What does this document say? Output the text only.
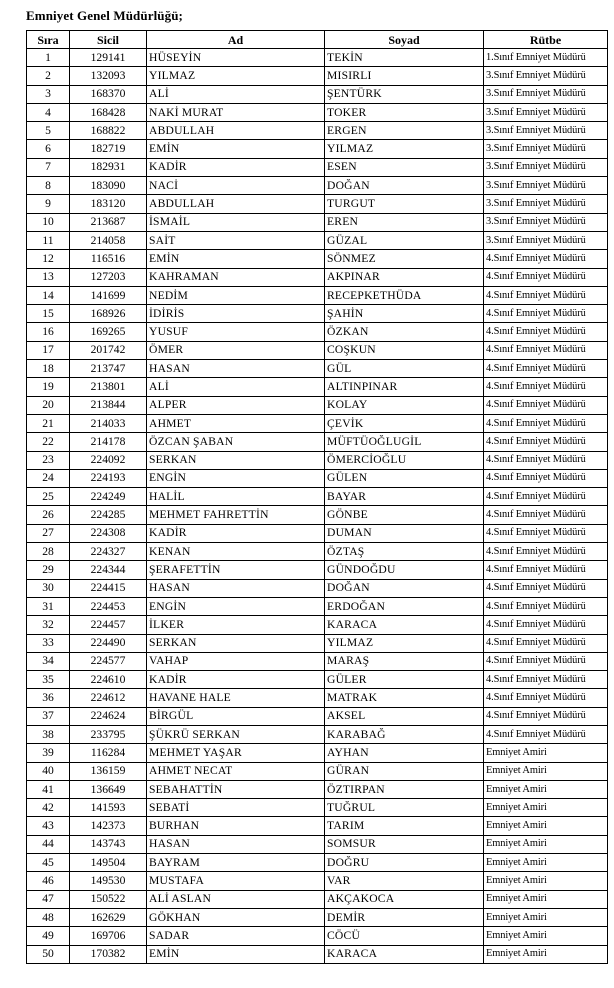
Emniyet Genel Müdürlüğü;
Sıra	Sicil	Ad	Soyad	Rütbe
1	129141	HÜSEYİN	TEKİN	1.Sınıf Emniyet Müdürü
2	132093	YILMAZ	MISIRLI	3.Sınıf Emniyet Müdürü
3	168370	ALİ	ŞENTÜRK	3.Sınıf Emniyet Müdürü
4	168428	NAKİ MURAT	TOKER	3.Sınıf Emniyet Müdürü
5	168822	ABDULLAH	ERGEN	3.Sınıf Emniyet Müdürü
6	182719	EMİN	YILMAZ	3.Sınıf Emniyet Müdürü
7	182931	KADİR	ESEN	3.Sınıf Emniyet Müdürü
8	183090	NACİ	DOĞAN	3.Sınıf Emniyet Müdürü
9	183120	ABDULLAH	TURGUT	3.Sınıf Emniyet Müdürü
10	213687	İSMAİL	EREN	3.Sınıf Emniyet Müdürü
11	214058	SAİT	GÜZAL	3.Sınıf Emniyet Müdürü
12	116516	EMİN	SÖNMEZ	4.Sınıf Emniyet Müdürü
13	127203	KAHRAMAN	AKPINAR	4.Sınıf Emniyet Müdürü
14	141699	NEDİM	RECEPKETHÜDA	4.Sınıf Emniyet Müdürü
15	168926	İDİRİS	ŞAHİN	4.Sınıf Emniyet Müdürü
16	169265	YUSUF	ÖZKAN	4.Sınıf Emniyet Müdürü
17	201742	ÖMER	COŞKUN	4.Sınıf Emniyet Müdürü
18	213747	HASAN	GÜL	4.Sınıf Emniyet Müdürü
19	213801	ALİ	ALTINPINAR	4.Sınıf Emniyet Müdürü
20	213844	ALPER	KOLAY	4.Sınıf Emniyet Müdürü
21	214033	AHMET	ÇEVİK	4.Sınıf Emniyet Müdürü
22	214178	ÖZCAN ŞABAN	MÜFTÜOĞLUGİL	4.Sınıf Emniyet Müdürü
23	224092	SERKAN	ÖMERCİOĞLU	4.Sınıf Emniyet Müdürü
24	224193	ENGİN	GÜLEN	4.Sınıf Emniyet Müdürü
25	224249	HALİL	BAYAR	4.Sınıf Emniyet Müdürü
26	224285	MEHMET FAHRETTİN	GÖNBE	4.Sınıf Emniyet Müdürü
27	224308	KADİR	DUMAN	4.Sınıf Emniyet Müdürü
28	224327	KENAN	ÖZTAŞ	4.Sınıf Emniyet Müdürü
29	224344	ŞERAFETTİN	GÜNDOĞDU	4.Sınıf Emniyet Müdürü
30	224415	HASAN	DOĞAN	4.Sınıf Emniyet Müdürü
31	224453	ENGİN	ERDOĞAN	4.Sınıf Emniyet Müdürü
32	224457	İLKER	KARACA	4.Sınıf Emniyet Müdürü
33	224490	SERKAN	YILMAZ	4.Sınıf Emniyet Müdürü
34	224577	VAHAP	MARAŞ	4.Sınıf Emniyet Müdürü
35	224610	KADİR	GÜLER	4.Sınıf Emniyet Müdürü
36	224612	HAVANE HALE	MATRAK	4.Sınıf Emniyet Müdürü
37	224624	BİRGÜL	AKSEL	4.Sınıf Emniyet Müdürü
38	233795	ŞÜKRÜ SERKAN	KARABAĞ	4.Sınıf Emniyet Müdürü
39	116284	MEHMET YAŞAR	AYHAN	Emniyet Amiri
40	136159	AHMET NECAT	GÜRAN	Emniyet Amiri
41	136649	SEBAHATTİN	ÖZTIRPAN	Emniyet Amiri
42	141593	SEBATİ	TUĞRUL	Emniyet Amiri
43	142373	BURHAN	TARIM	Emniyet Amiri
44	143743	HASAN	SOMSUR	Emniyet Amiri
45	149504	BAYRAM	DOĞRU	Emniyet Amiri
46	149530	MUSTAFA	VAR	Emniyet Amiri
47	150522	ALİ ASLAN	AKÇAKOCA	Emniyet Amiri
48	162629	GÖKHAN	DEMİR	Emniyet Amiri
49	169706	SADAR	CÖCÜ	Emniyet Amiri
50	170382	EMİN	KARACA	Emniyet Amiri
